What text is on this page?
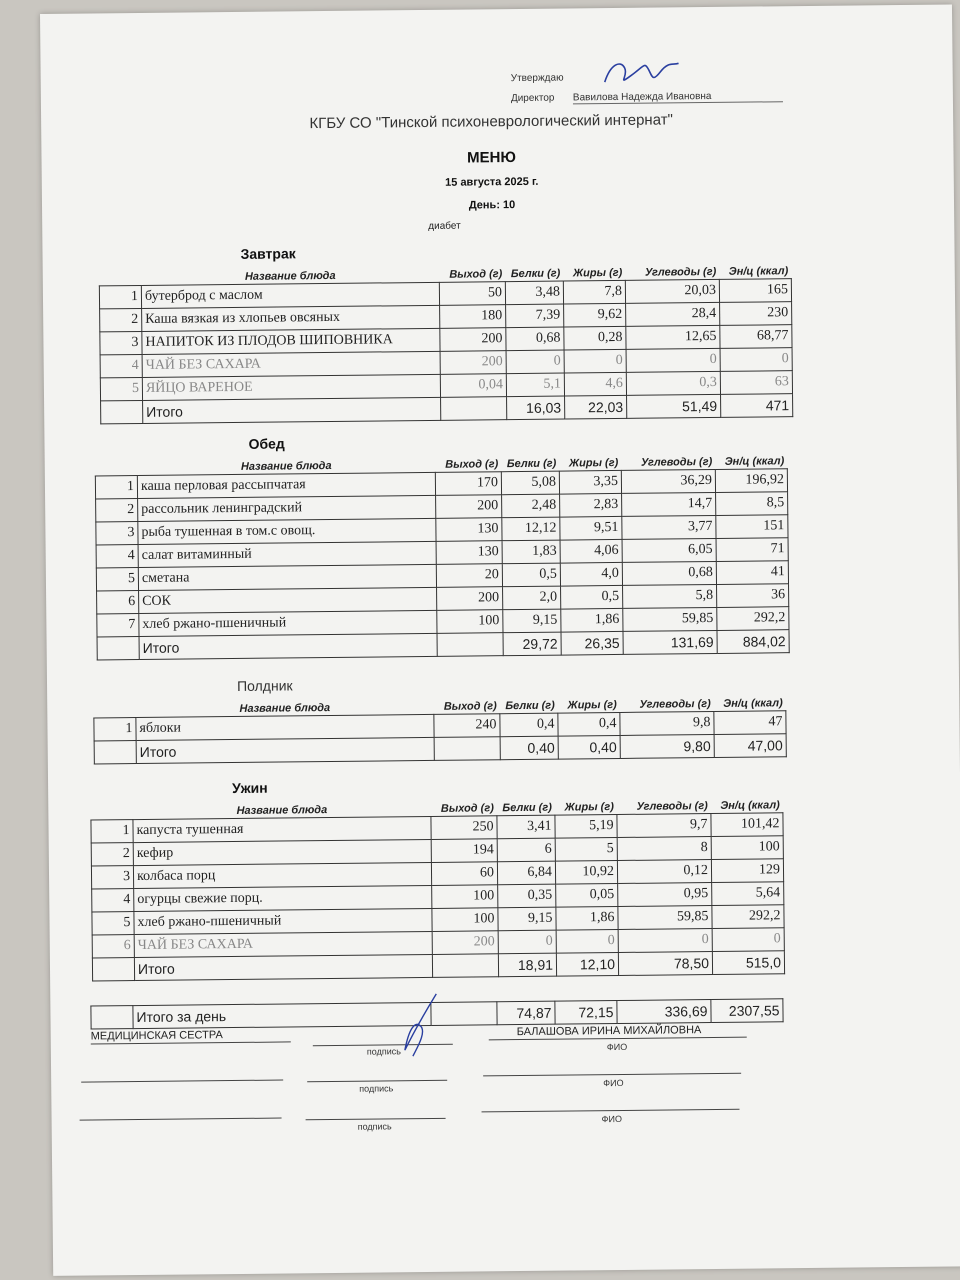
Утверждаю
Директор Вавилова Надежда Ивановна
КГБУ СО "Тинской психоневрологический интернат"
МЕНЮ
15 августа 2025 г.
День: 10
диабет
Завтрак
	Название блюда	Выход (г)	Белки (г)	Жиры (г)	Углеводы (г)	Эн/ц (ккал)
1	бутерброд с маслом	50	3,48	7,8	20,03	165
2	Каша вязкая из хлопьев овсяных	180	7,39	9,62	28,4	230
3	НАПИТОК ИЗ ПЛОДОВ ШИПОВНИКА	200	0,68	0,28	12,65	68,77
4	ЧАЙ БЕЗ САХАРА	200	0	0	0	0
5	ЯЙЦО ВАРЕНОЕ	0,04	5,1	4,6	0,3	63
	Итого		16,03	22,03	51,49	471
Обед
	Название блюда	Выход (г)	Белки (г)	Жиры (г)	Углеводы (г)	Эн/ц (ккал)
1	каша перловая рассыпчатая	170	5,08	3,35	36,29	196,92
2	рассольник ленинградский	200	2,48	2,83	14,7	8,5
3	рыба тушенная в том.с овощ.	130	12,12	9,51	3,77	151
4	салат витаминный	130	1,83	4,06	6,05	71
5	сметана	20	0,5	4,0	0,68	41
6	СОК	200	2,0	0,5	5,8	36
7	хлеб ржано-пшеничный	100	9,15	1,86	59,85	292,2
	Итого		29,72	26,35	131,69	884,02
Полдник
	Название блюда	Выход (г)	Белки (г)	Жиры (г)	Углеводы (г)	Эн/ц (ккал)
1	яблоки	240	0,4	0,4	9,8	47
	Итого		0,40	0,40	9,80	47,00
Ужин
	Название блюда	Выход (г)	Белки (г)	Жиры (г)	Углеводы (г)	Эн/ц (ккал)
1	капуста тушенная	250	3,41	5,19	9,7	101,42
2	кефир	194	6	5	8	100
3	колбаса порц	60	6,84	10,92	0,12	129
4	огурцы свежие порц.	100	0,35	0,05	0,95	5,64
5	хлеб ржано-пшеничный	100	9,15	1,86	59,85	292,2
6	ЧАЙ БЕЗ САХАРА	200	0	0	0	0
	Итого		18,91	12,10	78,50	515,0
	Итого за день		74,87	72,15	336,69	2307,55
МЕДИЦИНСКАЯ СЕСТРА
подпись
БАЛАШОВА ИРИНА МИХАЙЛОВНА
ФИО
подпись
ФИО
подпись
ФИО
